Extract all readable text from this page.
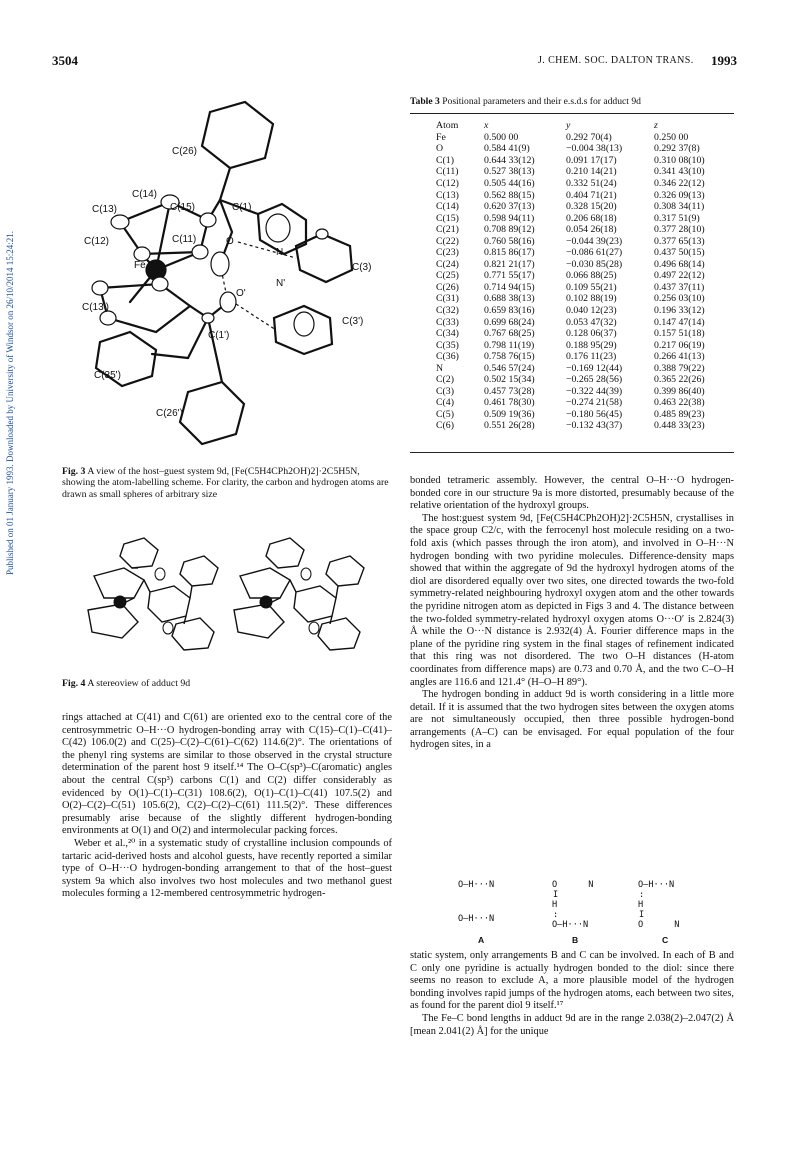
3504	J. CHEM. SOC. DALTON TRANS. 1993
Published on 01 January 1993. Downloaded by University of Windsor on 26/10/2014 15:24:21.
C(26)
C(14)
C(13)	C(15)	C(1)
C(12)	C(11)	O
N
C(3)
Fe
O'
N'
C(13')
C(3')
C(1')
C(35')
C(26')
Fig. 3 A view of the host–guest system 9d, [Fe(C5H4CPh2OH)2]·2C5H5N, showing the atom-labelling scheme. For clarity, the carbon and hydrogen atoms are drawn as small spheres of arbitrary size
Fig. 4 A stereoview of adduct 9d

rings attached at C(41) and C(61) are oriented exo to the central core of the centrosymmetric O–H···O hydrogen-bonding array with C(15)–C(1)–C(41)–C(42) 106.0(2) and C(25)–C(2)–C(61)–C(62) 114.6(2)°. The orientations of the phenyl ring systems are similar to those observed in the crystal structure determination of the parent host 9 itself.¹⁴ The O–C(sp³)–C(aromatic) angles about the central C(sp³) carbons C(1) and C(2) differ considerably as evidenced by O(1)–C(1)–C(31) 108.6(2), O(1)–C(1)–C(41) 107.5(2) and O(2)–C(2)–C(51) 105.6(2), C(2)–C(2)–C(61) 111.5(2)°. These differences presumably arise because of the slightly different hydrogen-bonding environments at O(1) and O(2) and intermolecular packing forces.

Weber et al.,²⁰ in a systematic study of crystalline inclusion compounds of tartaric acid-derived hosts and alcohol guests, have recently reported a similar type of O–H···O hydrogen-bonding arrangement to that of the host–guest system 9a which also involves two host molecules and two methanol guest molecules forming a 12-membered centrosymmetric hydrogen-

Table 3 Positional parameters and their e.s.d.s for adduct 9d
Atom	x	y	z
Fe	0.500 00	0.292 70(4)	0.250 00
O	0.584 41(9)	−0.004 38(13)	0.292 37(8)
C(1)	0.644 33(12)	0.091 17(17)	0.310 08(10)
C(11)	0.527 38(13)	0.210 14(21)	0.341 43(10)
C(12)	0.505 44(16)	0.332 51(24)	0.346 22(12)
C(13)	0.562 88(15)	0.404 71(21)	0.326 09(13)
C(14)	0.620 37(13)	0.328 15(20)	0.308 34(11)
C(15)	0.598 94(11)	0.206 68(18)	0.317 51(9)
C(21)	0.708 89(12)	0.054 26(18)	0.377 28(10)
C(22)	0.760 58(16)	−0.044 39(23)	0.377 65(13)
C(23)	0.815 86(17)	−0.086 61(27)	0.437 50(15)
C(24)	0.821 21(17)	−0.030 85(28)	0.496 68(14)
C(25)	0.771 55(17)	0.066 88(25)	0.497 22(12)
C(26)	0.714 94(15)	0.109 55(21)	0.437 37(11)
C(31)	0.688 38(13)	0.102 88(19)	0.256 03(10)
C(32)	0.659 83(16)	0.040 12(23)	0.196 33(12)
C(33)	0.699 68(24)	0.053 47(32)	0.147 47(14)
C(34)	0.767 68(25)	0.128 06(37)	0.157 51(18)
C(35)	0.798 11(19)	0.188 95(29)	0.217 06(19)
C(36)	0.758 76(15)	0.176 11(23)	0.266 41(13)
N	0.546 57(24)	−0.169 12(44)	0.388 79(22)
C(2)	0.502 15(34)	−0.265 28(56)	0.365 22(26)
C(3)	0.457 73(28)	−0.322 44(39)	0.399 86(40)
C(4)	0.461 78(30)	−0.274 21(58)	0.463 22(38)
C(5)	0.509 19(36)	−0.180 56(45)	0.485 89(23)
C(6)	0.551 26(28)	−0.132 43(37)	0.448 33(23)

bonded tetrameric assembly. However, the central O–H···O hydrogen-bonded core in our structure 9a is more distorted, presumably because of the relative orientation of the hydroxyl groups.

The host:guest system 9d, [Fe(C5H4CPh2OH)2]·2C5H5N, crystallises in the space group C2/c, with the ferrocenyl host molecule residing on a two-fold axis (which passes through the iron atom), and involved in O–H···N hydrogen bonding with two pyridine molecules. Difference-density maps showed that within the aggregate of 9d the hydroxyl hydrogen atoms of the diol are disordered equally over two sites, one directed towards the two-fold symmetry-related neighbouring hydroxyl oxygen atom and the other towards the pyridine nitrogen atom as depicted in Figs 3 and 4. The distance between the two-folded symmetry-related hydroxyl oxygen atoms O···O′ is 2.824(3) Å while the O···N distance is 2.932(4) Å. Fourier difference maps in the plane of the pyridine ring system in the final stages of refinement indicated that this ring was not disordered. The two O–H distances (H-atom coordinates from difference maps) are 0.73 and 0.70 Å, and the two C–O–H angles are 116.6 and 121.4° (H–O–H 89°).

The hydrogen bonding in adduct 9d is worth considering in a little more detail. If it is assumed that the two hydrogen sites between the oxygen atoms are not simultaneously occupied, then three possible hydrogen-bond arrangements (A–C) can be envisaged. For equal population of the four hydrogen sites, in a

O–H···N
O–H···N
O      N
I
H
:
O–H···N
O–H···N
:
H
I
O      N
A	B	C

static system, only arrangements B and C can be involved. In each of B and C only one pyridine is actually hydrogen bonded to the diol: since there seems no reason to exclude A, a more plausible model of the hydrogen bonding involves rapid jumps of the hydrogen atoms, each between two sites, as found for the parent diol 9 itself.¹⁷

The Fe–C bond lengths in adduct 9d are in the range 2.038(2)–2.047(2) Å [mean 2.041(2) Å] for the unique
